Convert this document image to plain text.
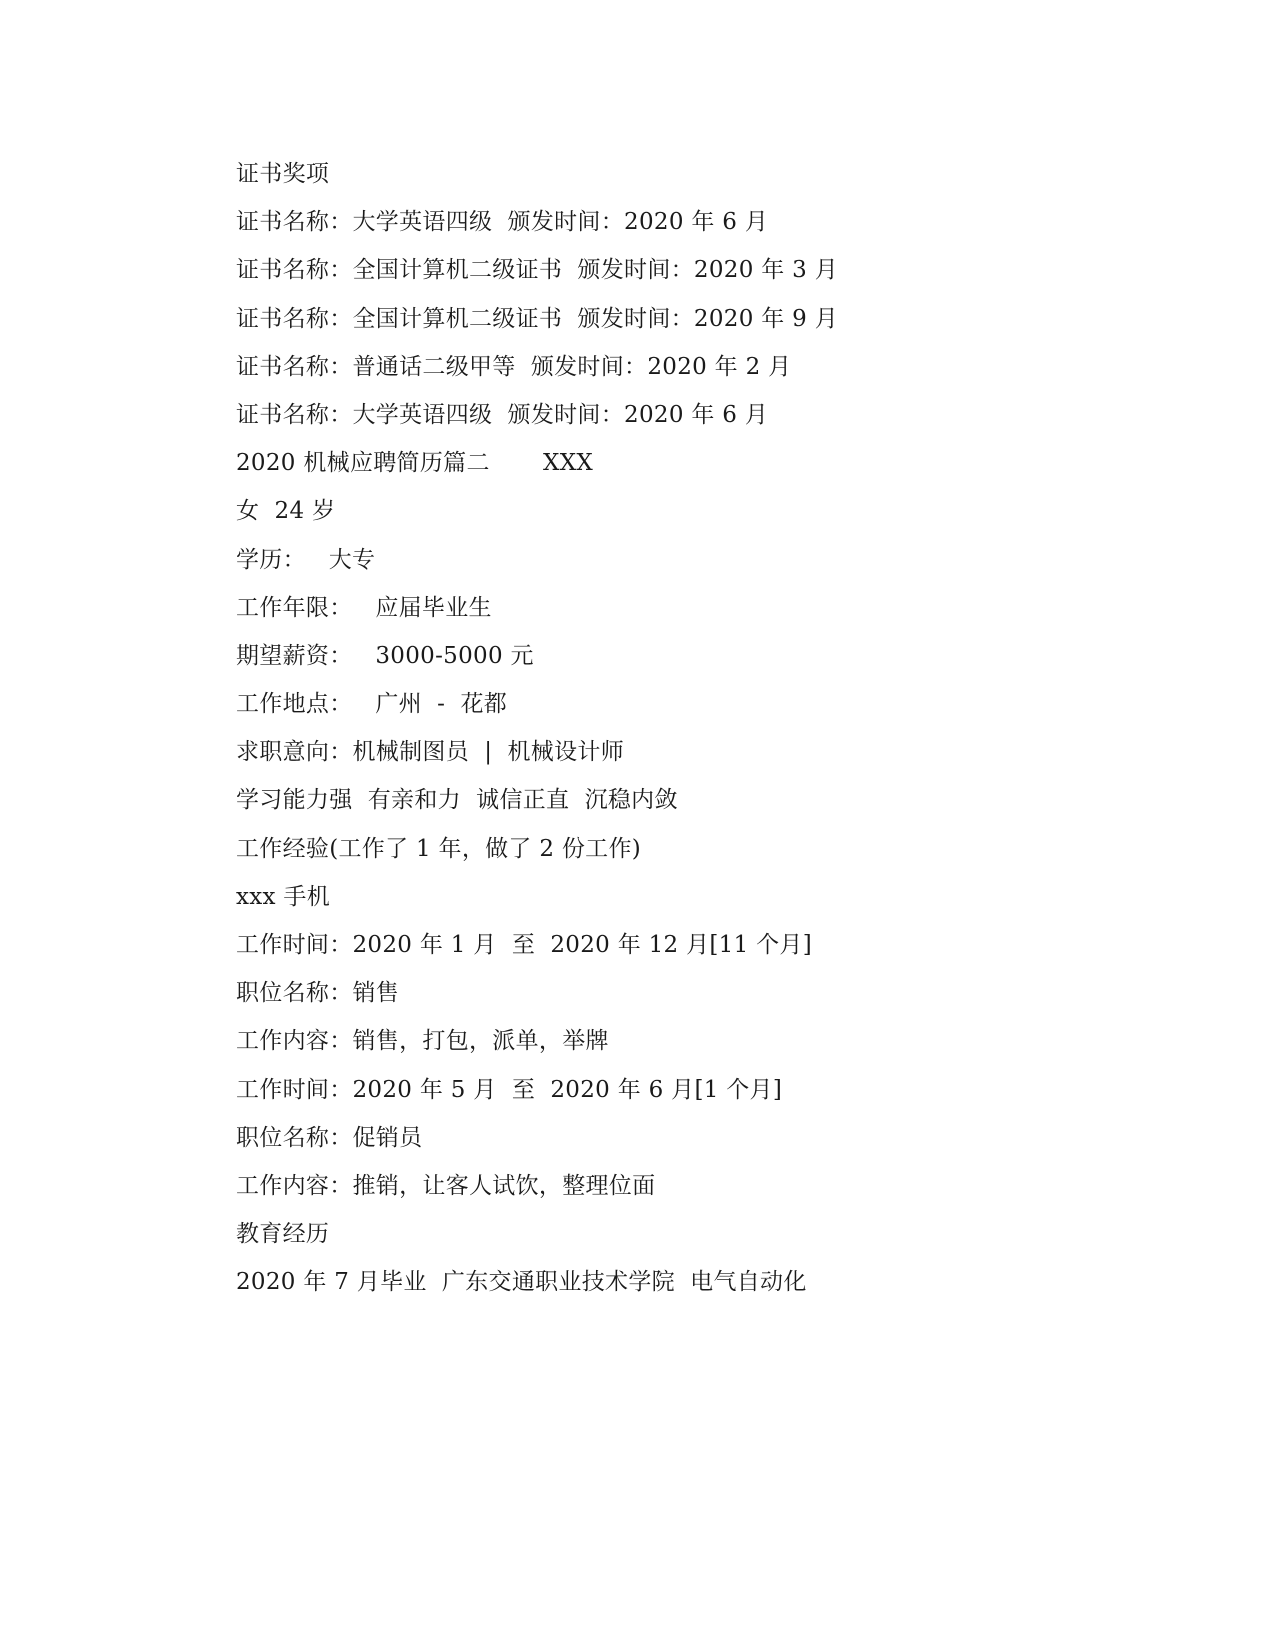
证书奖项
证书名称：大学英语四级  颁发时间：2020 年 6 月
证书名称：全国计算机二级证书  颁发时间：2020 年 3 月
证书名称：全国计算机二级证书  颁发时间：2020 年 9 月
证书名称：普通话二级甲等  颁发时间：2020 年 2 月
证书名称：大学英语四级  颁发时间：2020 年 6 月
2020 机械应聘简历篇二       XXX
女  24 岁
学历：   大专
工作年限：   应届毕业生
期望薪资：   3000-5000 元
工作地点：   广州  -  花都
求职意向：机械制图员  |  机械设计师
学习能力强  有亲和力  诚信正直  沉稳内敛
工作经验(工作了 1 年，做了 2 份工作)
xxx 手机
工作时间：2020 年 1 月  至  2020 年 12 月[11 个月]
职位名称：销售
工作内容：销售，打包，派单，举牌
工作时间：2020 年 5 月  至  2020 年 6 月[1 个月]
职位名称：促销员
工作内容：推销，让客人试饮，整理位面
教育经历
2020 年 7 月毕业  广东交通职业技术学院  电气自动化
